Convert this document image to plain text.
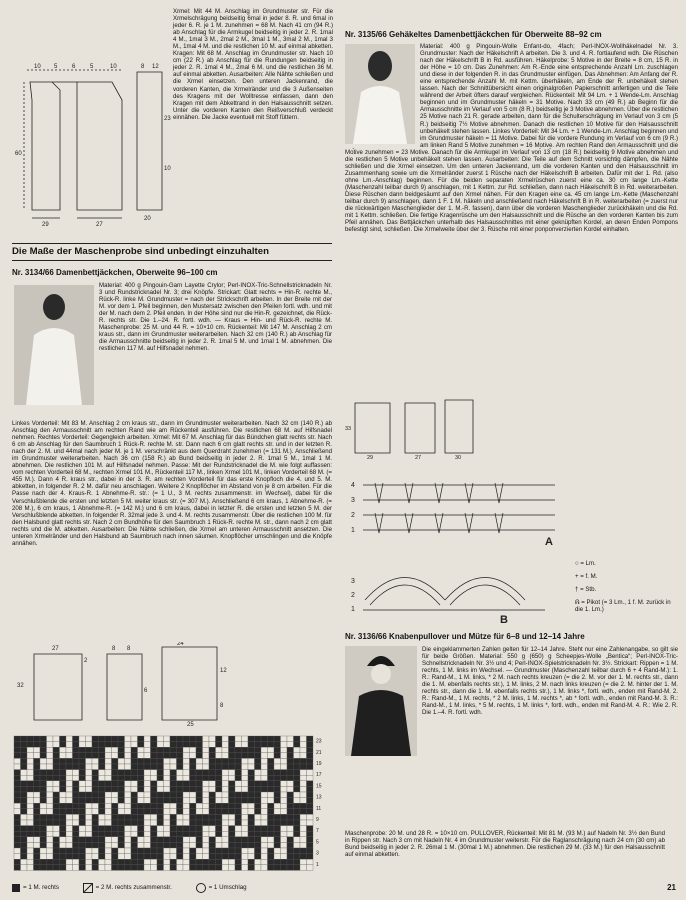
Xrmel: Mit 44 M. Anschlag im Grundmuster str. Für die Xrmelschrägung beidseitig 6mal in jeder 8. R. und 6mal in jeder 6. R. je 1 M. zunehmen = 68 M. Nach 41 cm (94 R.) ab Anschlag für die Armkugel beidseitig in jeder 2. R. 1mal 4 M., 1mal 3 M., 2mal 2 M., 3mal 1 M., 3mal 2 M., 1mal 3 M., 1mal 4 M. und die restlichen 10 M. auf einmal abketten. Kragen: Mit 68 M. Anschlag im Grundmuster str. Nach 10 cm (22 R.) ab Anschlag für die Rundungen beidseitig in jeder 2. R. 1mal 4 M., 2mal 6 M. und die restlichen 36 M. auf einmal abketten. Ausarbeiten: Alle Nähte schließen und die Xrmel einsetzen. Den unteren Jackenrand, die vorderen Kanten, die Xrmelränder und die 3 Außenseiten des Kragens mit der Wolltresse einfassen, dann den Kragen mit dem Abkettrand in den Halsausschnitt setzen. Unter die vorderen Kanten den Reißverschluß verdeckt einnähen. Die Jacke eventuell mit Stoff füttern.

10 5 6 5	10
60
29	27
8 12
23
10
20
Die Maße der Maschenprobe sind unbedingt einzuhalten
Nr. 3134/66 Damenbettjäckchen, Oberweite 96–100 cm

Material: 400 g Pingouin-Garn Layette Crylor; Perl-INOX-Tric-Schnellstricknadeln Nr. 3 und Rundstricknadel Nr. 3; drei Knöpfe. Strickart: Glatt rechts = Hin-R. rechte M., Rück-R. linke M. Grundmuster = nach der Strickschrift arbeiten. In der Breite mit der M. vor dem 1. Pfeil beginnen, den Mustersatz zwischen den Pfeilen fortl. wdh. und mit der M. nach dem 2. Pfeil enden. In der Höhe sind nur die Hin-R. gezeichnet, die Rück-R. rechts str. Die 1.–24. R. fortl. wdh. — Kraus = Hin- und Rück-R. rechte M. Maschenprobe: 25 M. und 44 R. = 10×10 cm. Rückenteil: Mit 147 M. Anschlag 2 cm kraus str., dann im Grundmuster weiterarbeiten. Nach 32 cm (140 R.) ab Anschlag für die Armausschnitte beidseitig in jeder 2. R. 1mal 5 M. und 1mal 1 M. abnehmen. Die restlichen 117 M. auf Hilfsnadel nehmen.

Linkes Vorderteil: Mit 83 M. Anschlag 2 cm kraus str., dann im Grundmuster weiterarbeiten. Nach 32 cm (140 R.) ab Anschlag den Armausschnitt am rechten Rand wie am Rückenteil ausführen. Die restlichen 68 M. auf Hilfsnadel nehmen. Rechtes Vorderteil: Gegengleich arbeiten. Xrmel: Mit 67 M. Anschlag für das Bündchen glatt rechts str. Nach 6 cm ab Anschlag für den Saumbruch 1 Rück-R. rechte M. str. Dann nach 6 cm glatt rechts str. und in der letzten R. nach der 2. M. und 44mal nach jeder M. je 1 M. verschränkt aus dem Querdraht zunehmen (= 131 M.). Anschließend im Grundmuster weiterarbeiten. Nach 36 cm (158 R.) ab Bund beidseitig in jeder 2. R. 1mal 5 M., 1mal 1 M. abnehmen. Die restlichen 101 M. auf Hilfsnadel nehmen. Passe: Mit der Rundstricknadel die M. wie folgt auffassen: vom rechten Vorderteil 68 M., rechten Xrmel 101 M., Rückenteil 117 M., linken Xrmel 101 M., linken Vorderteil 68 M. (= 455 M.). Dann 4 R. kraus str., dabei in der 3. R. am rechten Vorderteil für das erste Knopfloch die 4. und 5. M. abketten, in folgender R. 2 M. dafür neu anschlagen. Weitere 2 Knopflöcher im Abstand von je 8 cm arbeiten. Für die Passe nach der 4. Kraus-R. 1 Abnehme-R. str.: (= 1 U., 3 M. rechts zusammenstr. im Wechsel), dabei für die Verschlußblende die ersten und letzten 5 M. weiter kraus str. (= 307 M.). Anschließend 6 cm kraus, 1 Abnehme-R. (= 208 M.), 6 cm kraus, 1 Abnehme-R. (= 142 M.) und 6 cm kraus, dabei in letzter R. die ersten und letzten 5 M. der Verschlußblende abketten. In folgender R. 32mal jede 3. und 4. M. rechts zusammenstr. Über die restlichen 100 M. für den Halsbund glatt rechts str. Nach 2 cm Bundhöhe für den Saumbruch 1 Rück-R. rechte M. str., dann nach 2 cm glatt rechts und die M. abketten. Ausarbeiten: Die Nähte schließen, die Xrmel am unteren Armausschnitt ansetzen. Die unteren Xrmelränder und den Halsbund ab Saumbruch nach innen säumen. Knopflöcher umschlingen und die Knöpfe annähen.

27	8
24
32
2
8
6
12
8
25
23
21
19
17
15
13
11
9
7
5
3
1
= 1 M. rechts	= 2 M. rechts zusammenstr.	= 1 Umschlag
Nr. 3135/66 Gehäkeltes Damenbettjäckchen für Oberweite 88–92 cm

Material: 400 g Pingouin-Wolle Enfant-do, 4fach; Perl-INOX-Wollhäkelnadel Nr. 3. Grundmuster: Nach der Häkelschrift A arbeiten. Die 3. und 4. R. fortlaufend wdh. Die Rüschen nach der Häkelschrift B in Rd. ausführen. Häkelprobe: 5 Motive in der Breite = 8 cm, 15 R. in der Höhe = 10 cm. Das Zunehmen: Am R.-Ende eine entsprechende Anzahl Lm. zuschlagen und diese in der folgenden R. in das Grundmuster einfügen. Das Abnehmen: Am Anfang der R. eine entsprechende Anzahl M. mit Kettm. überhäkeln, am Ende der R. unbehäkelt stehen lassen. Nach der Schnittübersicht einen originalgroßen Papierschnitt anfertigen und die Teile während der Arbeit öfters darauf vergleichen. Rückenteil: Mit 94 Lm. + 1 Wende-Lm. Anschlag beginnen und im Grundmuster häkeln = 31 Motive. Nach 33 cm (49 R.) ab Beginn für die Armausschnitte im Verlauf von 5 cm (8 R.) beidseitig je 3 Motive abnehmen. Über die restlichen 25 Motive nach 21 R. gerade arbeiten, dann für die Schulterschrägung im Verlauf von 3 cm (5 R.) beidseitig 7½ Motive abnehmen. Danach die restlichen 10 Motive für den Halsausschnitt unbehäkelt stehen lassen. Linkes Vorderteil: Mit 34 Lm. + 1 Wende-Lm. Anschlag beginnen und im Grundmuster häkeln = 11 Motive. Dabei für die vordere Rundung im Verlauf von 6 cm (9 R.) am linken Rand 5 Motive zunehmen = 16 Motive. Am rechten Rand den Armausschnitt und die

Motive zunehmen = 23 Motive. Danach für die Armkugel im Verlauf von 13 cm (18 R.) beidseitig 9 Motive abnehmen und die restlichen 5 Motive unbehäkelt stehen lassen. Ausarbeiten: Die Teile auf dem Schnitt vorsichtig dämpfen, die Nähte schließen und die Xrmel einsetzen. Um den unteren Jackenrand, um die vorderen Kanten und den Halsausschnitt im Zusammenhang sowie um die Xrmelränder zuerst 1 Rüsche nach der Häkelschrift B arbeiten. Dafür mit der 1. Rd. (also ohne Lm.-Anschlag) beginnen. Für die beiden separaten Xrmelrüschen zuerst eine ca. 30 cm lange Lm.-Kette (Maschenzahl teilbar durch 9) anschlagen, mit 1 Kettm. zur Rd. schließen, dann nach Häkelschrift B in Rd. weiterarbeiten. Diese Rüschen dann beidgesäumt auf den Xrmel nähen. Für den Kragen eine ca. 45 cm lange Lm.-Kette (Maschenzahl teilbar durch 9) anschlagen, dann 1 F. 1 M. häkeln und anschließend nach Häkelschrift B in R. weiterarbeiten (= zuerst nur die rückwärtigen Maschenglieder der 1. M.-R. fassen), dann über die vorderen Maschenglieder zurückhäkeln und die Rd. mit 1 Kettm. schließen. Die fertige Kragenrüsche um den Halsausschnitt und die Rüsche an den vorderen Kanten bis zum Pfeil annähen. Das Bettjäckchen unterhalb des Halsausschnittes mit einer geknüpften Kordel, an deren Enden Pompons befestigt sind, schließen. Die Xrmelweite über der 3. Rüsche mit einer ponponverzierten Kordel einhalten.

29	27	30
33
4
3
2
1
A
3
2
1
B

○ = Lm.

+ = f. M.

† = Stb.

ᕱ = Pikot (= 3 Lm., 1 f. M. zurück in die 1. Lm.)

Nr. 3136/66 Knabenpullover und Mütze für 6–8 und 12–14 Jahre

Die eingeklammerten Zahlen gelten für 12–14 Jahre. Steht nur eine Zahlenangabe, so gilt sie für beide Größen. Material: 550 g (650) g Scheepjes-Wolle „Bentica“; Perl-INOX-Tric-Schnellstricknadeln Nr. 3½ und 4; Perl-INOX-Spielstricknadeln Nr. 3½. Strickart: Rippen = 1 M. rechts, 1 M. links im Wechsel. — Grundmuster (Maschenzahl teilbar durch 6 + 4 Rand-M.): 1. R.: Rand-M., 1 M. links, * 2 M. nach rechts kreuzen (= die 2. M. vor der 1. M. rechts str., dann die 1. M. ebenfalls rechts str.), 1 M. links, 2 M. nach links kreuzen (= die 2. M. hinter der 1. M. rechts str., dann die 1. M. ebenfalls rechts str.), 1 M. links *, fortl. wdh., enden mit Rand-M. 2. R.: Rand-M., 1 M. rechts, * 2 M. links, 1 M. rechts *, ab * fortl. wdh., enden mit Rand-M. 3. R.: Rand-M., 1 M. links, * 5 M. rechts, 1 M. links *, fortl. wdh., enden mit Rand-M. 4. R.: Wie 2. R. Die 1.–4. R. fortl. wdh.

Maschenprobe: 20 M. und 28 R. = 10×10 cm. PULLOVER, Rückenteil: Mit 81 M. (93 M.) auf Nadeln Nr. 3½ den Bund in Rippen str. Nach 3 cm mit Nadeln Nr. 4 im Grundmuster weiterstr. Für die Raglanschrägung nach 24 cm (30 cm) ab Bund beidseitig in jeder 2. R. 26mal 1 M. (30mal 1 M.) abnehmen. Die restlichen 29 M. (33 M.) für den Halsausschnitt auf einmal abketten.

21
